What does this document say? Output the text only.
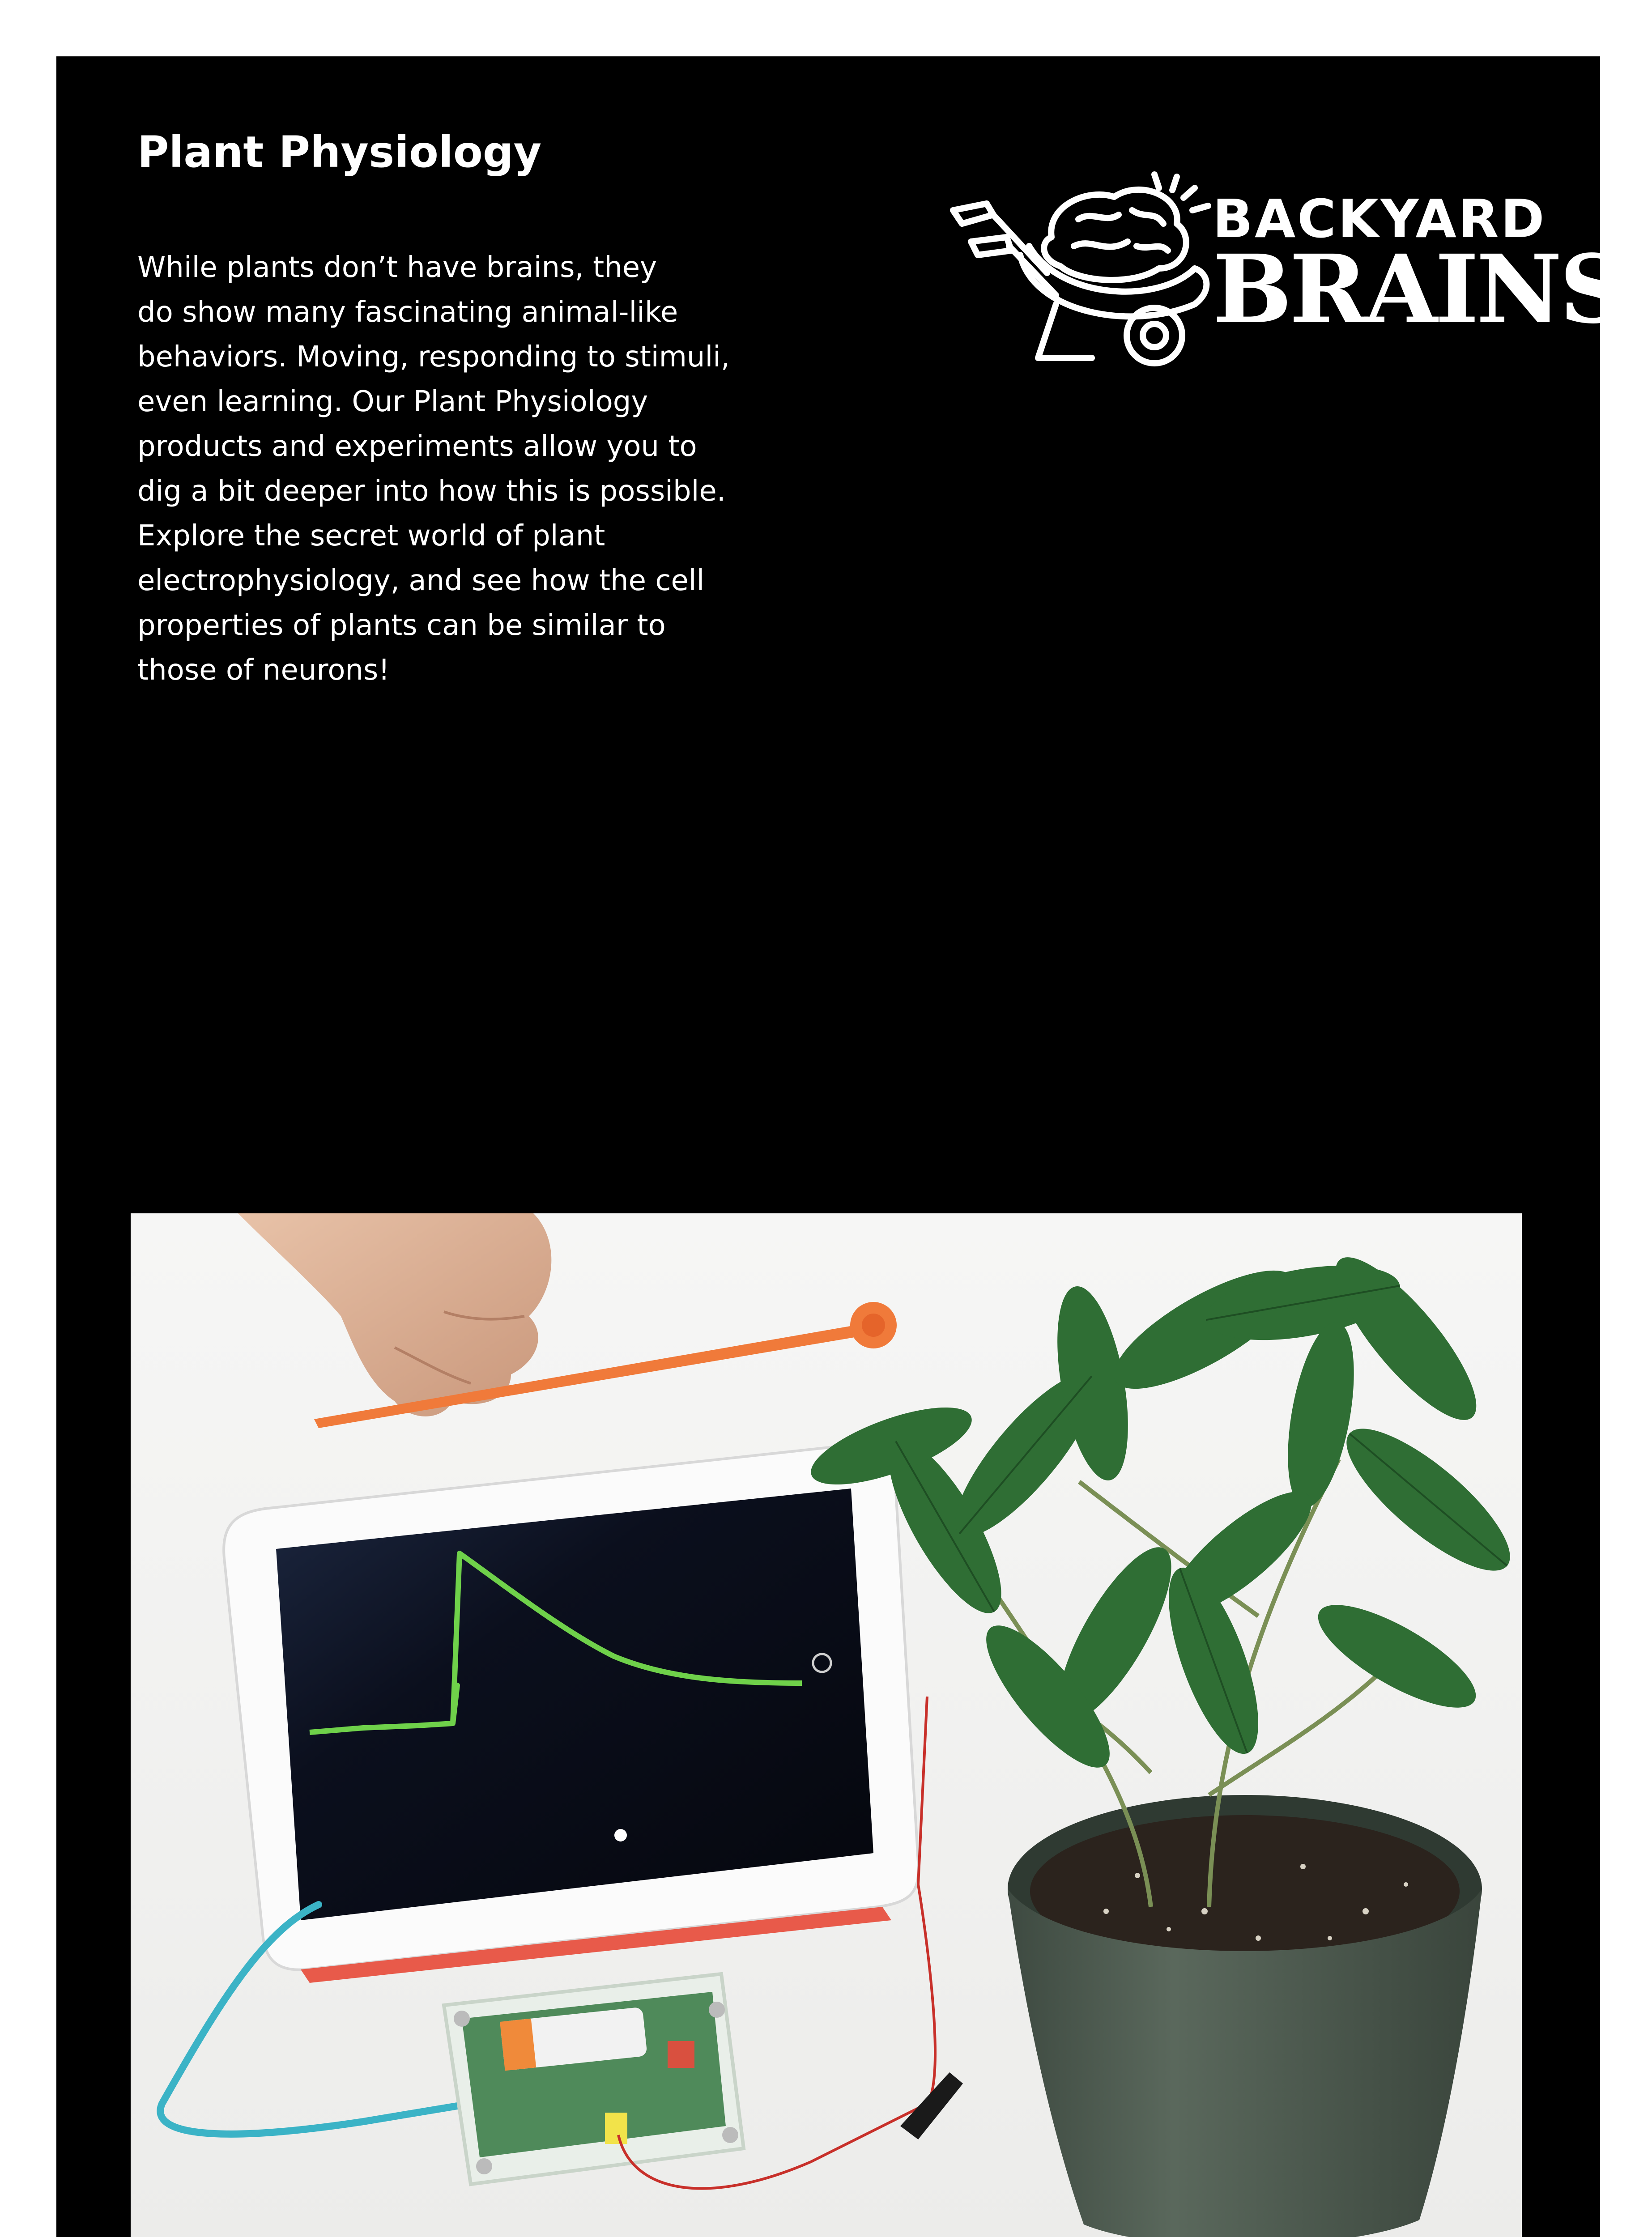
Plant Physiology
While plants don’t have brains, they
do show many fascinating animal-like
behaviors. Moving, responding to stimuli,
even learning. Our Plant Physiology
products and experiments allow you to
dig a bit deeper into how this is possible.
Explore the secret world of plant
electrophysiology, and see how the cell
properties of plants can be similar to
those of neurons!
BACKYARD
BRAINS
